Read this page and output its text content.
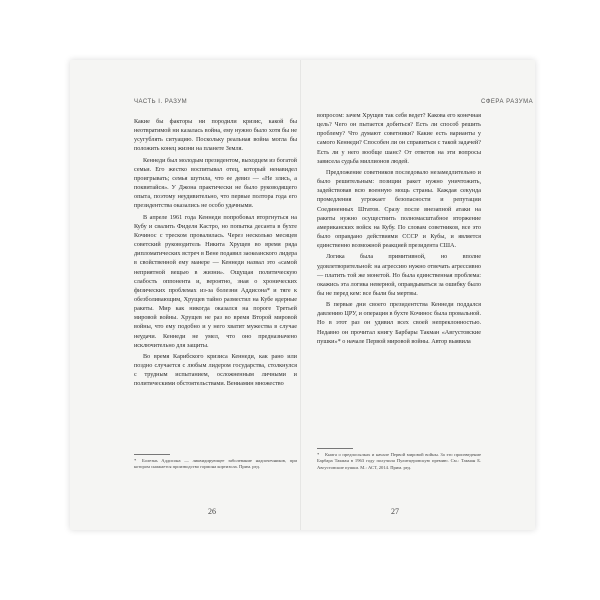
ЧАСТЬ I. РАЗУМ

Какие бы факторы ни породили кризис, какой бы неотвратимой ни казалась война, ему нужно было хотя бы не усугублять ситуацию. Поскольку реальная война могла бы положить конец жизни на планете Земля.

Кеннеди был молодым президентом, выходцем из богатой семьи. Его жестко воспитывал отец, который ненавидел проигрывать; семья шутила, что ее девиз — «Не злись, а поквитайся». У Джона практически не было руководящего опыта, поэтому неудивительно, что первые полтора года его президентства оказались не особо удачными.

В апреле 1961 года Кеннеди попробовал вторгнуться на Кубу и свалить Фиделя Кастро, но попытка десанта в бухте Кочинос с треском провалилась. Через несколько месяцев советский руководитель Никита Хрущев во время ряда дипломатических встреч в Вене подавил заокеанского лидера в свойственной ему манере — Кеннеди назвал это «самой неприятной вещью в жизни». Ощущая политическую слабость оппонента и, вероятно, зная о хронических физических проблемах из-за болезни Аддисона* и тяге к обезболивающим, Хрущев тайно разместил на Кубе ядерные ракеты. Мир как никогда оказался на пороге Третьей мировой войны. Хрущев не раз во время Второй мировой войны, что ему подобно и у него хватит мужества в случае неудачи. Кеннеди не умел, что оно предназначено исключительно для защиты.

Во время Карибского кризиса Кеннеди, как рано или поздно случается с любым лидером государства, столкнулся с трудным испытанием, осложненным личными и политическими обстоятельствами. Вениамин множество

* Болезнь Аддисона — ликвидирующее заболевание надпочечников, при котором снижается производство гормона кортизола. Прим. ред.
26
СФЕРА РАЗУМА

вопросом: зачем Хрущев так себя ведет? Какова его конечная цель? Чего он пытается добиться? Есть ли способ решить проблему? Что думают советники? Какие есть варианты у самого Кеннеди? Способен ли он справиться с такой задачей? Есть ли у него вообще шанс? От ответов на эти вопросы зависела судьба миллионов людей.

Предложение советников последовало незамедлительно и было решительным: позиции ракет нужно уничтожить, задействовав всю военную мощь страны. Каждая секунда промедления угрожает безопасности и репутации Соединенных Штатов. Сразу после внезапной атаки на ракеты нужно осуществить полномасштабное вторжение американских войск на Кубу. По словам советников, все это было оправдано действиями СССР и Кубы, и является единственно возможной реакцией президента США.

Логика была примитивной, но вполне удовлетворительной: на агрессию нужно отвечать агрессивно — платить той же монетой. Но была единственная проблема: окажись эта логика неверной, оправдываться за ошибку было бы не перед кем: все были бы мертвы.

В первые дни своего президентства Кеннеди поддался давлению ЦРУ, и операция в бухте Кочинос была провальной. Но в этот раз он удивил всех своей непреклонностью. Недавно он прочитал книгу Барбары Такман «Августовские пушки»* о начале Первой мировой войны. Автор выявила

* Книга о предпосылках и начале Первой мировой войны. За это произведение Барбара Такман в 1963 году получила Пулитцеровскую премию. См.: Такман Б. Августовские пушки. М.: АСТ, 2014. Прим. ред.
27
